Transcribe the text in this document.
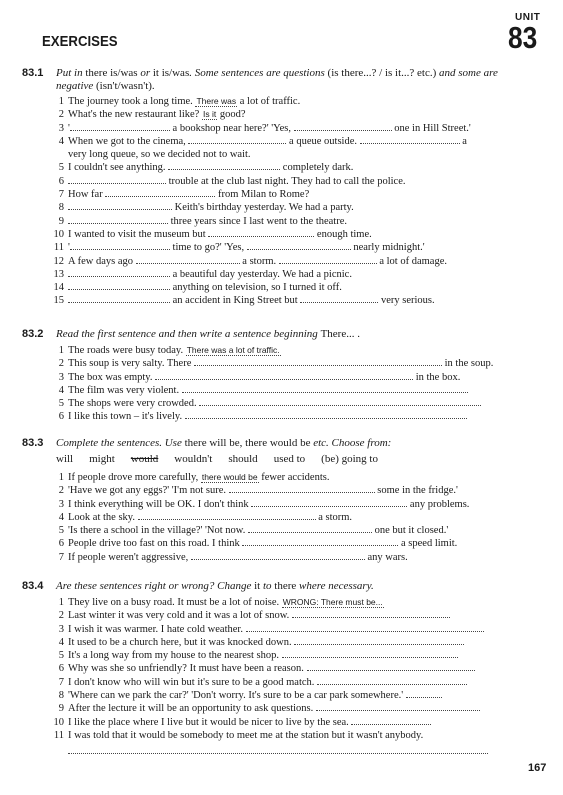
UNIT
83
EXERCISES
83.1 Put in there is/was or it is/was. Some sentences are questions (is there...? / is it...? etc.) and some are negative (isn't/wasn't).
1 The journey took a long time. There was a lot of traffic.
2 What's the new restaurant like? Is it good?
3 '	a bookshop near here?' 'Yes,	one in Hill Street.'
4 When we got to the cinema,	a queue outside.	a
very long queue, so we decided not to wait.
5 I couldn't see anything.	completely dark.
6	trouble at the club last night. They had to call the police.
7 How far	from Milan to Rome?
8	Keith's birthday yesterday. We had a party.
9	three years since I last went to the theatre.
10 I wanted to visit the museum but	enough time.
11 '	time to go?' 'Yes,	nearly midnight.'
12 A few days ago	a storm.	a lot of damage.
13	a beautiful day yesterday. We had a picnic.
14	anything on television, so I turned it off.
15	an accident in King Street but	very serious.
83.2 Read the first sentence and then write a sentence beginning There... .
1 The roads were busy today. There was a lot of traffic.
2 This soup is very salty. There	in the soup.
3 The box was empty.	in the box.
4 The film was very violent.
5 The shops were very crowded.
6 I like this town – it's lively.
83.3 Complete the sentences. Use there will be, there would be etc. Choose from:
will might would wouldn't should used to (be) going to
1 If people drove more carefully, there would be fewer accidents.
2 'Have we got any eggs?' 'I'm not sure.	some in the fridge.'
3 I think everything will be OK. I don't think	any problems.
4 Look at the sky.	a storm.
5 'Is there a school in the village?' 'Not now.	one but it closed.'
6 People drive too fast on this road. I think	a speed limit.
7 If people weren't aggressive,	any wars.
83.4 Are these sentences right or wrong? Change it to there where necessary.
1 They live on a busy road. It must be a lot of noise. WRONG: There must be...
2 Last winter it was very cold and it was a lot of snow.
3 I wish it was warmer. I hate cold weather.
4 It used to be a church here, but it was knocked down.
5 It's a long way from my house to the nearest shop.
6 Why was she so unfriendly? It must have been a reason.
7 I don't know who will win but it's sure to be a good match.
8 'Where can we park the car?' 'Don't worry. It's sure to be a car park somewhere.'
9 After the lecture it will be an opportunity to ask questions.
10 I like the place where I live but it would be nicer to live by the sea.
11 I was told that it would be somebody to meet me at the station but it wasn't anybody.
167
